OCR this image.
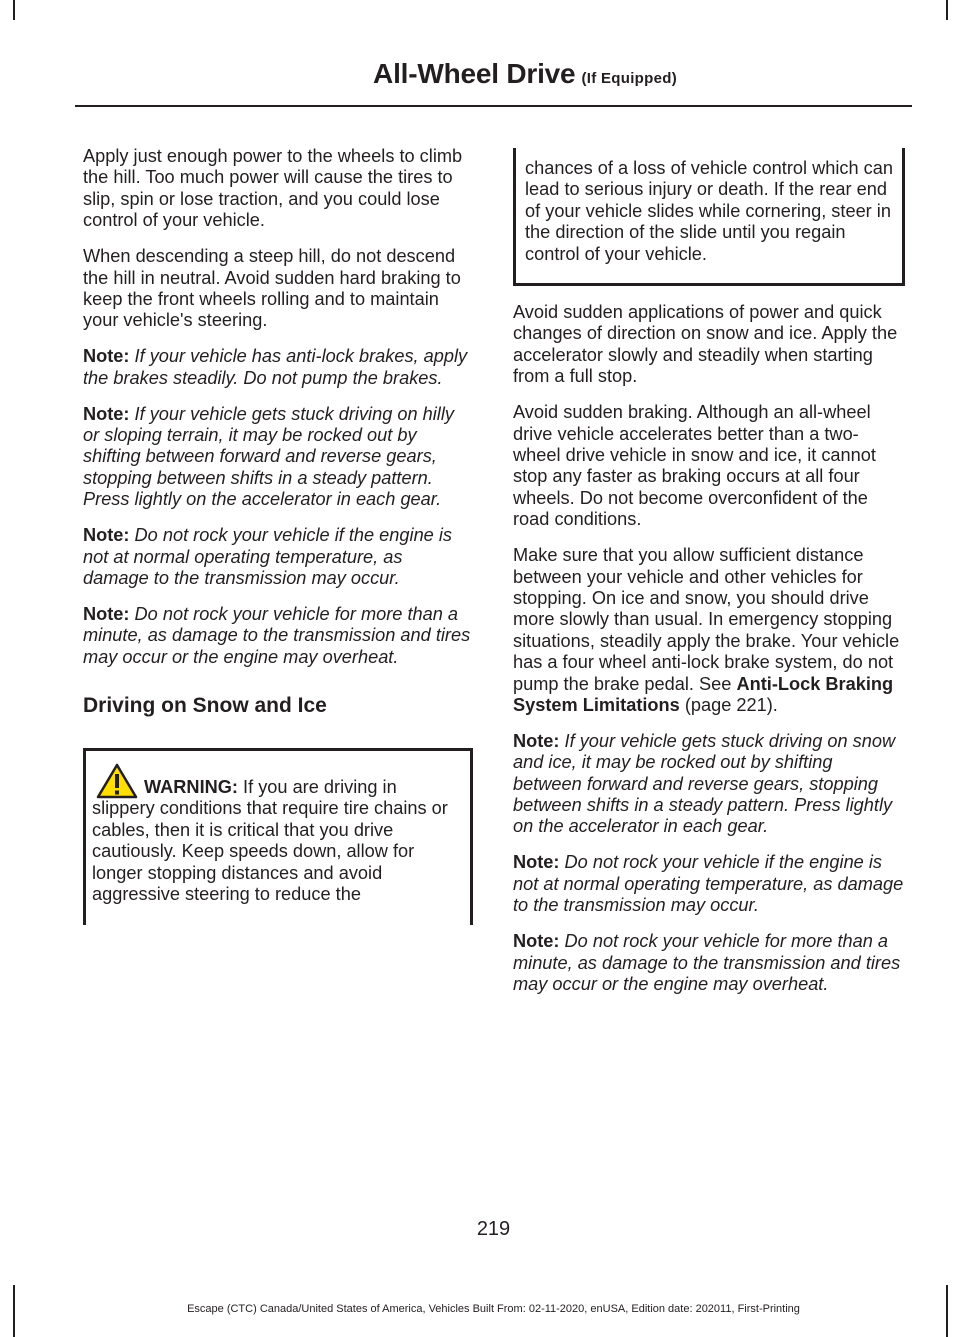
All-Wheel Drive (If Equipped)

Apply just enough power to the wheels to climb the hill. Too much power will cause the tires to slip, spin or lose traction, and you could lose control of your vehicle.

When descending a steep hill, do not descend the hill in neutral. Avoid sudden hard braking to keep the front wheels rolling and to maintain your vehicle's steering.

Note: If your vehicle has anti-lock brakes, apply the brakes steadily. Do not pump the brakes.

Note: If your vehicle gets stuck driving on hilly or sloping terrain, it may be rocked out by shifting between forward and reverse gears, stopping between shifts in a steady pattern. Press lightly on the accelerator in each gear.

Note: Do not rock your vehicle if the engine is not at normal operating temperature, as damage to the transmission may occur.

Note: Do not rock your vehicle for more than a minute, as damage to the transmission and tires may occur or the engine may overheat.

Driving on Snow and Ice
WARNING: If you are driving in slippery conditions that require tire chains or cables, then it is critical that you drive cautiously. Keep speeds down, allow for longer stopping distances and avoid aggressive steering to reduce the
chances of a loss of vehicle control which can lead to serious injury or death. If the rear end of your vehicle slides while cornering, steer in the direction of the slide until you regain control of your vehicle.

Avoid sudden applications of power and quick changes of direction on snow and ice. Apply the accelerator slowly and steadily when starting from a full stop.

Avoid sudden braking. Although an all-wheel drive vehicle accelerates better than a two-wheel drive vehicle in snow and ice, it cannot stop any faster as braking occurs at all four wheels. Do not become overconfident of the road conditions.

Make sure that you allow sufficient distance between your vehicle and other vehicles for stopping. On ice and snow, you should drive more slowly than usual. In emergency stopping situations, steadily apply the brake. Your vehicle has a four wheel anti-lock brake system, do not pump the brake pedal. See Anti-Lock Braking System Limitations (page 221).

Note: If your vehicle gets stuck driving on snow and ice, it may be rocked out by shifting between forward and reverse gears, stopping between shifts in a steady pattern. Press lightly on the accelerator in each gear.

Note: Do not rock your vehicle if the engine is not at normal operating temperature, as damage to the transmission may occur.

Note: Do not rock your vehicle for more than a minute, as damage to the transmission and tires may occur or the engine may overheat.

219
Escape (CTC) Canada/United States of America, Vehicles Built From: 02-11-2020, enUSA, Edition date: 202011, First-Printing
